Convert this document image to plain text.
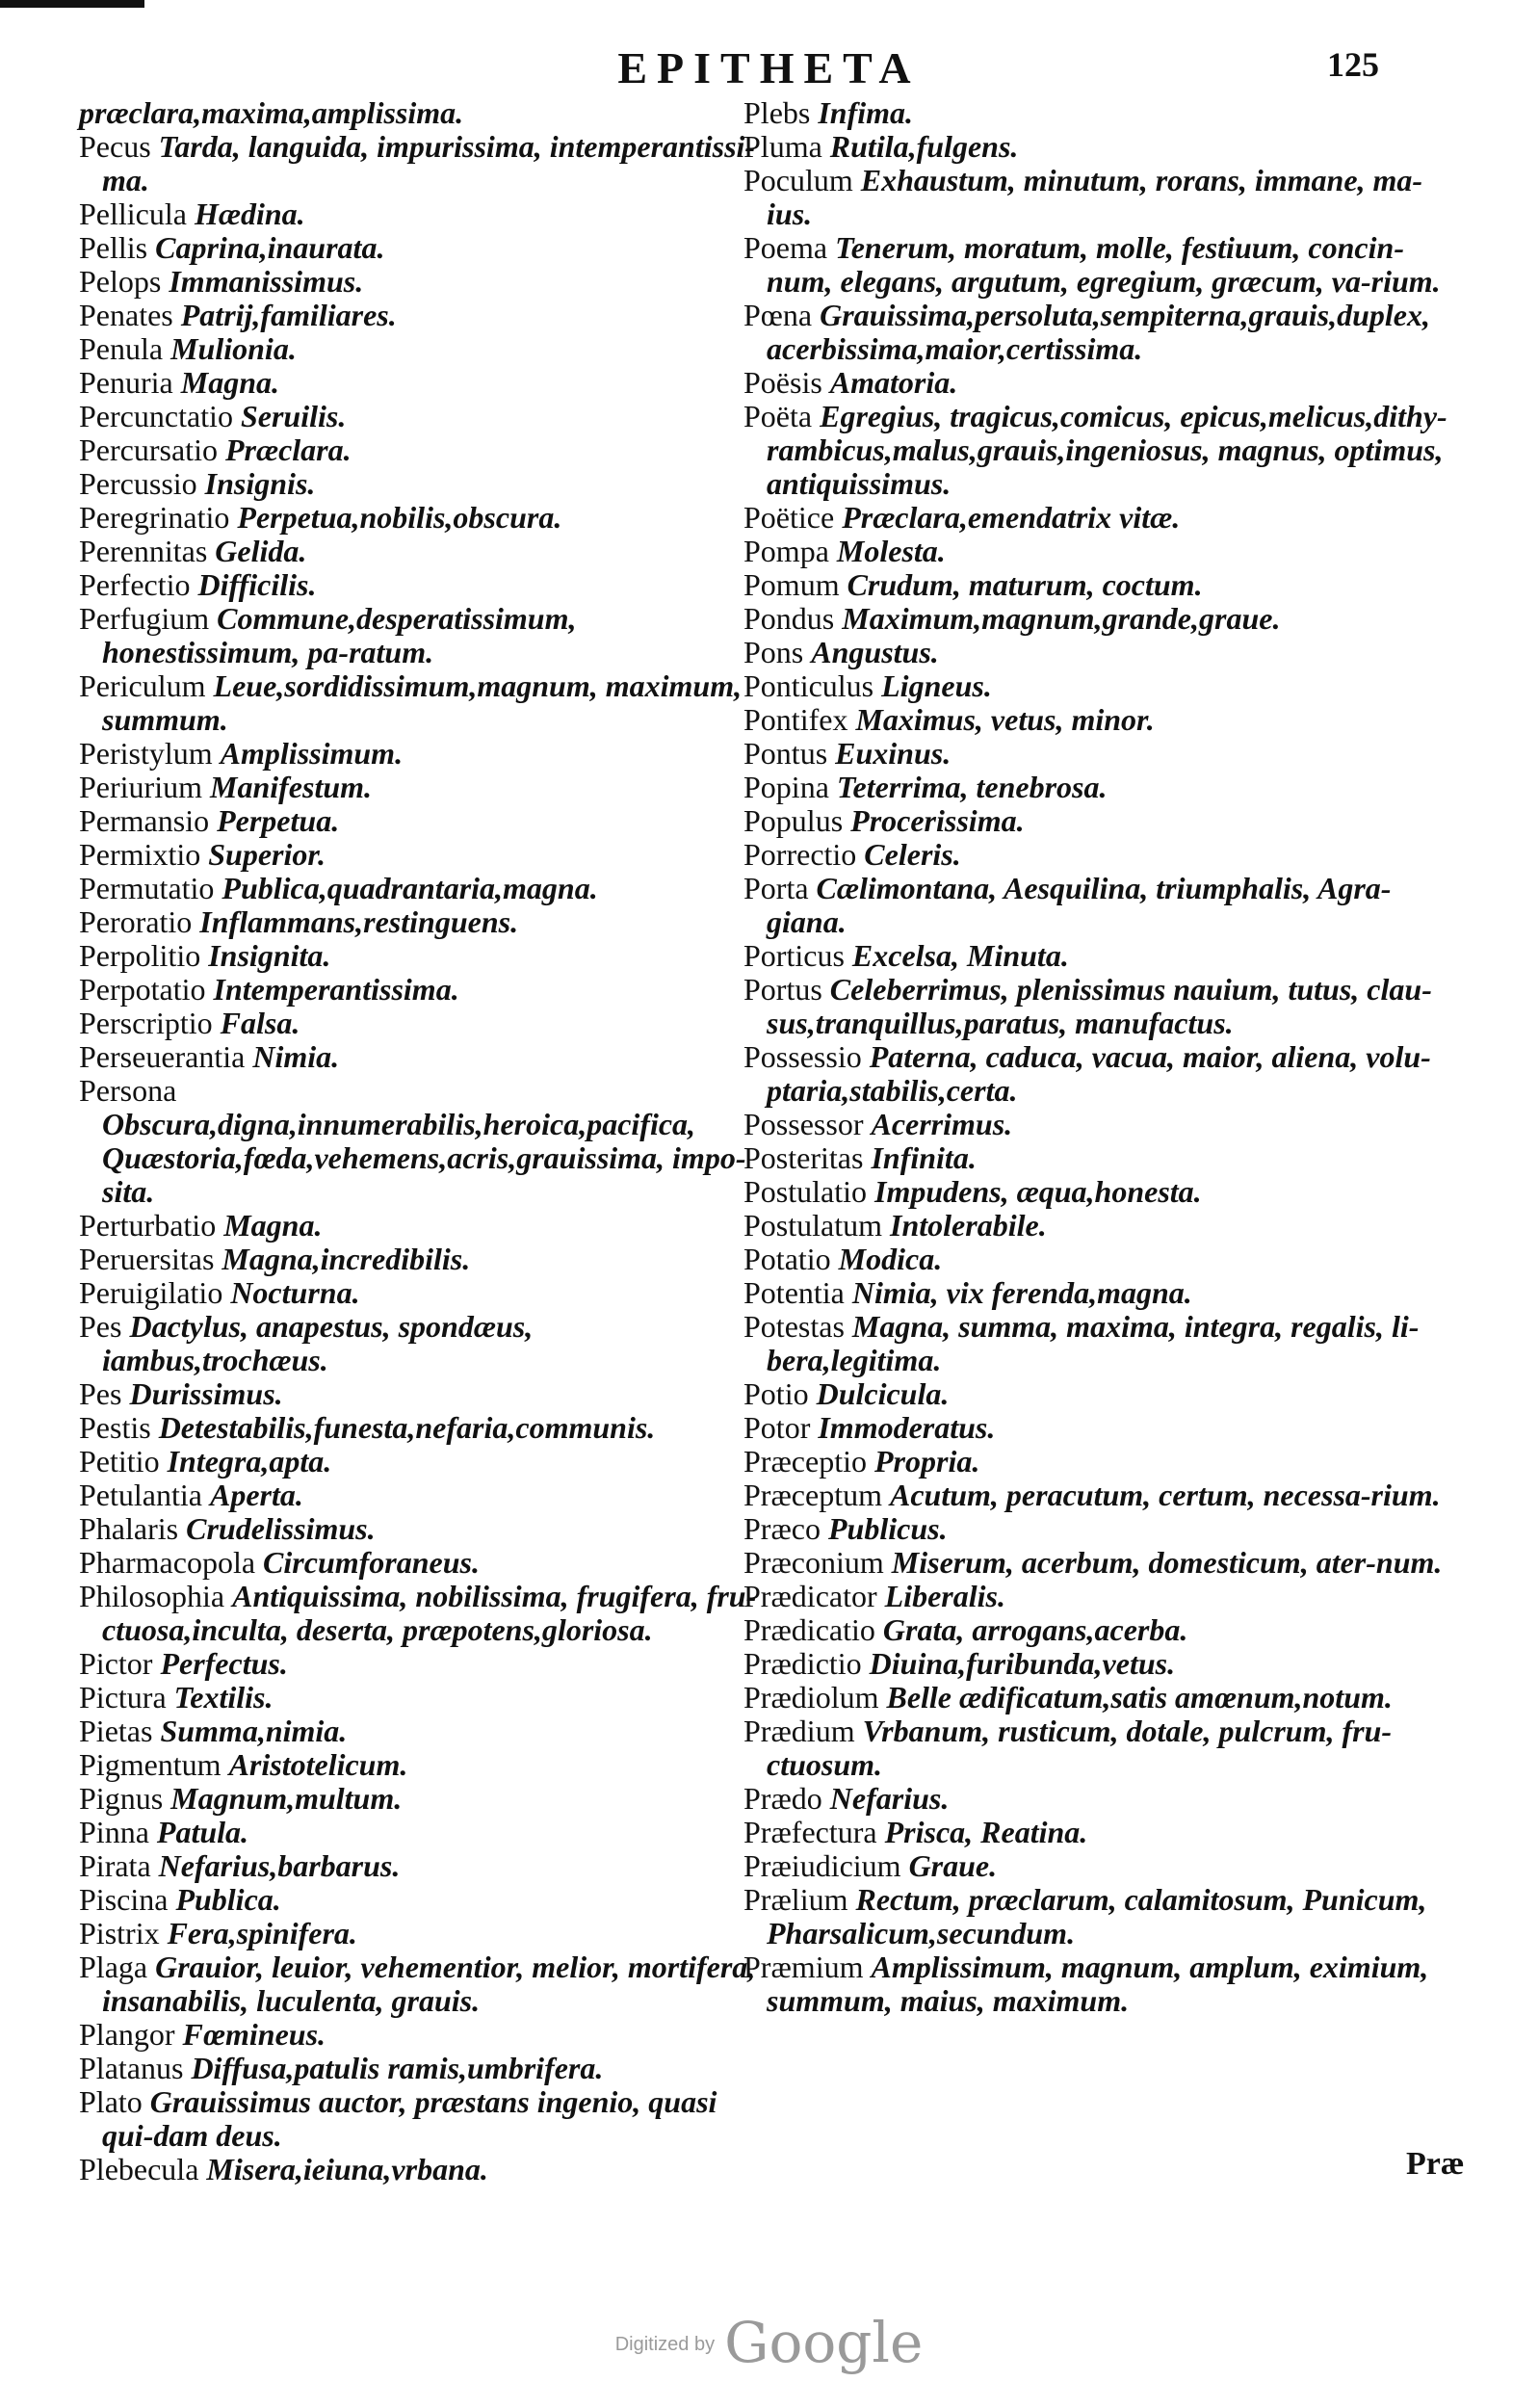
EPITHETA	125

præclara,maxima,amplissima.

Pecus Tarda, languida, impurissima, intemperantissi-ma.

Pellicula Hædina.

Pellis Caprina,inaurata.

Pelops Immanissimus.

Penates Patrij,familiares.

Penula Mulionia.

Penuria Magna.

Percunctatio Seruilis.

Percursatio Præclara.

Percussio Insignis.

Peregrinatio Perpetua,nobilis,obscura.

Perennitas Gelida.

Perfectio Difficilis.

Perfugium Commune,desperatissimum, honestissimum, pa-ratum.

Periculum Leue,sordidissimum,magnum, maximum, summum.

Peristylum Amplissimum.

Periurium Manifestum.

Permansio Perpetua.

Permixtio Superior.

Permutatio Publica,quadrantaria,magna.

Peroratio Inflammans,restinguens.

Perpolitio Insignita.

Perpotatio Intemperantissima.

Perscriptio Falsa.

Perseuerantia Nimia.

Persona Obscura,digna,innumerabilis,heroica,pacifica, Quæstoria,fœda,vehemens,acris,grauissima, impo-sita.

Perturbatio Magna.

Peruersitas Magna,incredibilis.

Peruigilatio Nocturna.

Pes Dactylus, anapestus, spondæus, iambus,trochæus.

Pes Durissimus.

Pestis Detestabilis,funesta,nefaria,communis.

Petitio Integra,apta.

Petulantia Aperta.

Phalaris Crudelissimus.

Pharmacopola Circumforaneus.

Philosophia Antiquissima, nobilissima, frugifera, fru-ctuosa,inculta, deserta, præpotens,gloriosa.

Pictor Perfectus.

Pictura Textilis.

Pietas Summa,nimia.

Pigmentum Aristotelicum.

Pignus Magnum,multum.

Pinna Patula.

Pirata Nefarius,barbarus.

Piscina Publica.

Pistrix Fera,spinifera.

Plaga Grauior, leuior, vehementior, melior, mortifera, insanabilis, luculenta, grauis.

Plangor Fœmineus.

Platanus Diffusa,patulis ramis,umbrifera.

Plato Grauissimus auctor, præstans ingenio, quasi qui-dam deus.

Plebecula Misera,ieiuna,vrbana.

Plebs Infima.

Pluma Rutila,fulgens.

Poculum Exhaustum, minutum, rorans, immane, ma-ius.

Poema Tenerum, moratum, molle, festiuum, concin-num, elegans, argutum, egregium, græcum, va-rium.

Pœna Grauissima,persoluta,sempiterna,grauis,duplex, acerbissima,maior,certissima.

Poësis Amatoria.

Poëta Egregius, tragicus,comicus, epicus,melicus,dithy-rambicus,malus,grauis,ingeniosus, magnus, optimus, antiquissimus.

Poëtice Præclara,emendatrix vitæ.

Pompa Molesta.

Pomum Crudum, maturum, coctum.

Pondus Maximum,magnum,grande,graue.

Pons Angustus.

Ponticulus Ligneus.

Pontifex Maximus, vetus, minor.

Pontus Euxinus.

Popina Teterrima, tenebrosa.

Populus Procerissima.

Porrectio Celeris.

Porta Cælimontana, Aesquilina, triumphalis, Agra-giana.

Porticus Excelsa, Minuta.

Portus Celeberrimus, plenissimus nauium, tutus, clau-sus,tranquillus,paratus, manufactus.

Possessio Paterna, caduca, vacua, maior, aliena, volu-ptaria,stabilis,certa.

Possessor Acerrimus.

Posteritas Infinita.

Postulatio Impudens, æqua,honesta.

Postulatum Intolerabile.

Potatio Modica.

Potentia Nimia, vix ferenda,magna.

Potestas Magna, summa, maxima, integra, regalis, li-bera,legitima.

Potio Dulcicula.

Potor Immoderatus.

Præceptio Propria.

Præceptum Acutum, peracutum, certum, necessa-rium.

Præco Publicus.

Præconium Miserum, acerbum, domesticum, ater-num.

Prædicator Liberalis.

Prædicatio Grata, arrogans,acerba.

Prædictio Diuina,furibunda,vetus.

Prædiolum Belle ædificatum,satis amœnum,notum.

Prædium Vrbanum, rusticum, dotale, pulcrum, fru-ctuosum.

Prædo Nefarius.

Præfectura Prisca, Reatina.

Præiudicium Graue.

Prælium Rectum, præclarum, calamitosum, Punicum, Pharsalicum,secundum.

Præmium Amplissimum, magnum, amplum, eximium, summum, maius, maximum.

Præ
Digitized by Google
